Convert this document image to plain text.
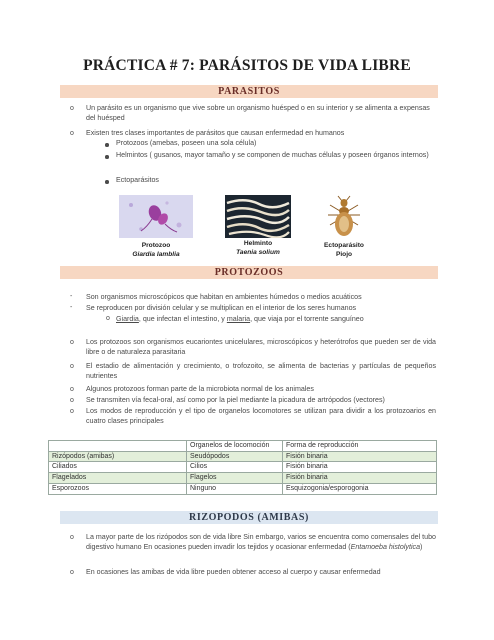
PRÁCTICA # 7: PARÁSITOS DE VIDA LIBRE
PARASITOS
o Un parásito es un organismo que vive sobre un organismo huésped o en su interior y se alimenta a expensas del huésped
o Existen tres clases importantes de parásitos que causan enfermedad en humanos
Protozoos (amebas, poseen una sola célula)
Helmintos ( gusanos, mayor tamaño y se componen de muchas células y poseen órganos internos)
Ectoparásitos
Protozoo
Giardia lamblia
Helminto
Taenia solium
Ectoparásito
Piojo
PROTOZOOS
- Son organismos microscópicos que habitan en ambientes húmedos o medios acuáticos
- Se reproducen por división celular y se multiplican en el interior de los seres humanos
o Giardia, que infectan el intestino, y malaria, que viaja por el torrente sanguíneo
o Los protozoos son organismos eucariontes unicelulares, microscópicos y heterótrofos que pueden ser de vida libre o de naturaleza parasitaria
o El estadio de alimentación y crecimiento, o trofozoito, se alimenta de bacterias y partículas de pequeños nutrientes
o Algunos protozoos forman parte de la microbiota normal de los animales
o Se transmiten vía fecal-oral, así como por la piel mediante la picadura de artrópodos (vectores)
o Los modos de reproducción y el tipo de organelos locomotores se utilizan para dividir a los protozoarios en cuatro clases principales
	Organelos de locomoción	Forma de reproducción
Rizópodos (amibas)	Seudópodos	Fisión binaria
Ciliados	Cilios	Fisión binaria
Flagelados	Flagelos	Fisión binaria
Esporozoos	Ninguno	Esquizogonia/esporogonia
RIZOPODOS (AMIBAS)
o La mayor parte de los rizópodos son de vida libre Sin embargo, varios se encuentra como comensales del tubo digestivo humano En ocasiones pueden invadir los tejidos y ocasionar enfermedad (Entamoeba histolytica)
o En ocasiones las amibas de vida libre pueden obtener acceso al cuerpo y causar enfermedad
